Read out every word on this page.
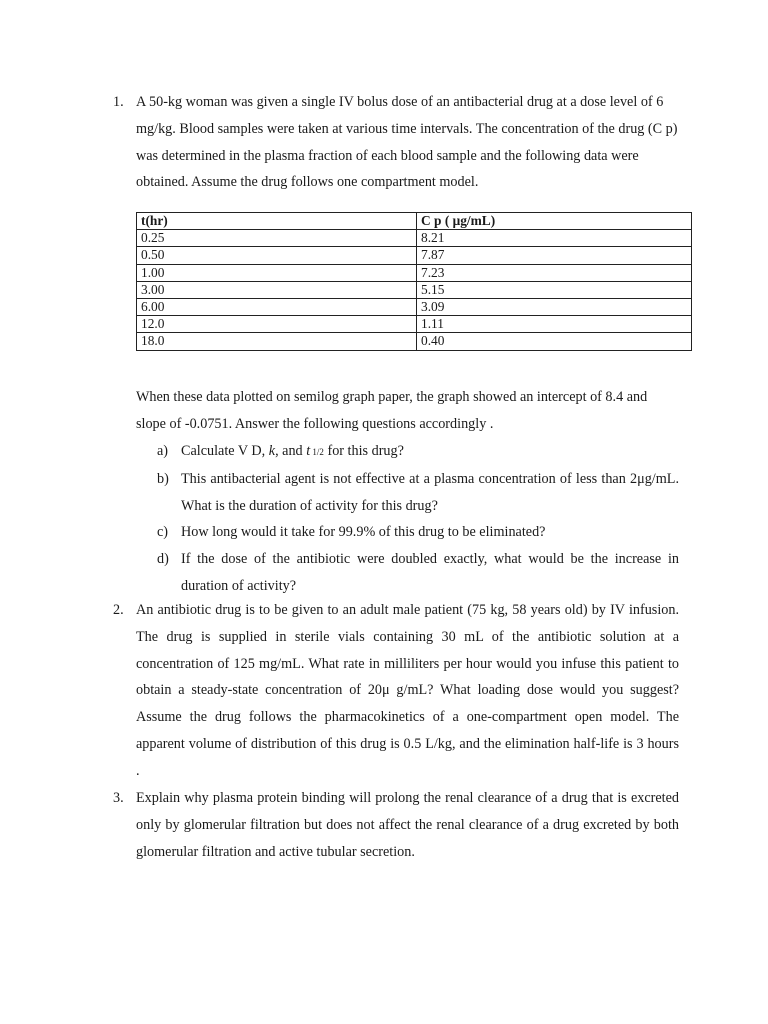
1. A 50-kg woman was given a single IV bolus dose of an antibacterial drug at a dose level of 6 mg/kg. Blood samples were taken at various time intervals. The concentration of the drug (C p) was determined in the plasma fraction of each blood sample and the following data were obtained. Assume the drug follows one compartment model.
t(hr)	C p ( μg/mL)
0.25	8.21
0.50	7.87
1.00	7.23
3.00	5.15
6.00	3.09
12.0	1.11
18.0	0.40
When these data plotted on semilog graph paper, the graph showed an intercept of 8.4 and slope of -0.0751. Answer the following questions accordingly .
a) Calculate V D, k, and t 1/2 for this drug?
b) This antibacterial agent is not effective at a plasma concentration of less than 2μg/mL. What is the duration of activity for this drug?
c) How long would it take for 99.9% of this drug to be eliminated?
d) If the dose of the antibiotic were doubled exactly, what would be the increase in duration of activity?
2. An antibiotic drug is to be given to an adult male patient (75 kg, 58 years old) by IV infusion. The drug is supplied in sterile vials containing 30 mL of the antibiotic solution at a concentration of 125 mg/mL. What rate in milliliters per hour would you infuse this patient to obtain a steady-state concentration of 20μ g/mL? What loading dose would you suggest? Assume the drug follows the pharmacokinetics of a one-compartment open model. The apparent volume of distribution of this drug is 0.5 L/kg, and the elimination half-life is 3 hours .
3. Explain why plasma protein binding will prolong the renal clearance of a drug that is excreted only by glomerular filtration but does not affect the renal clearance of a drug excreted by both glomerular filtration and active tubular secretion.
